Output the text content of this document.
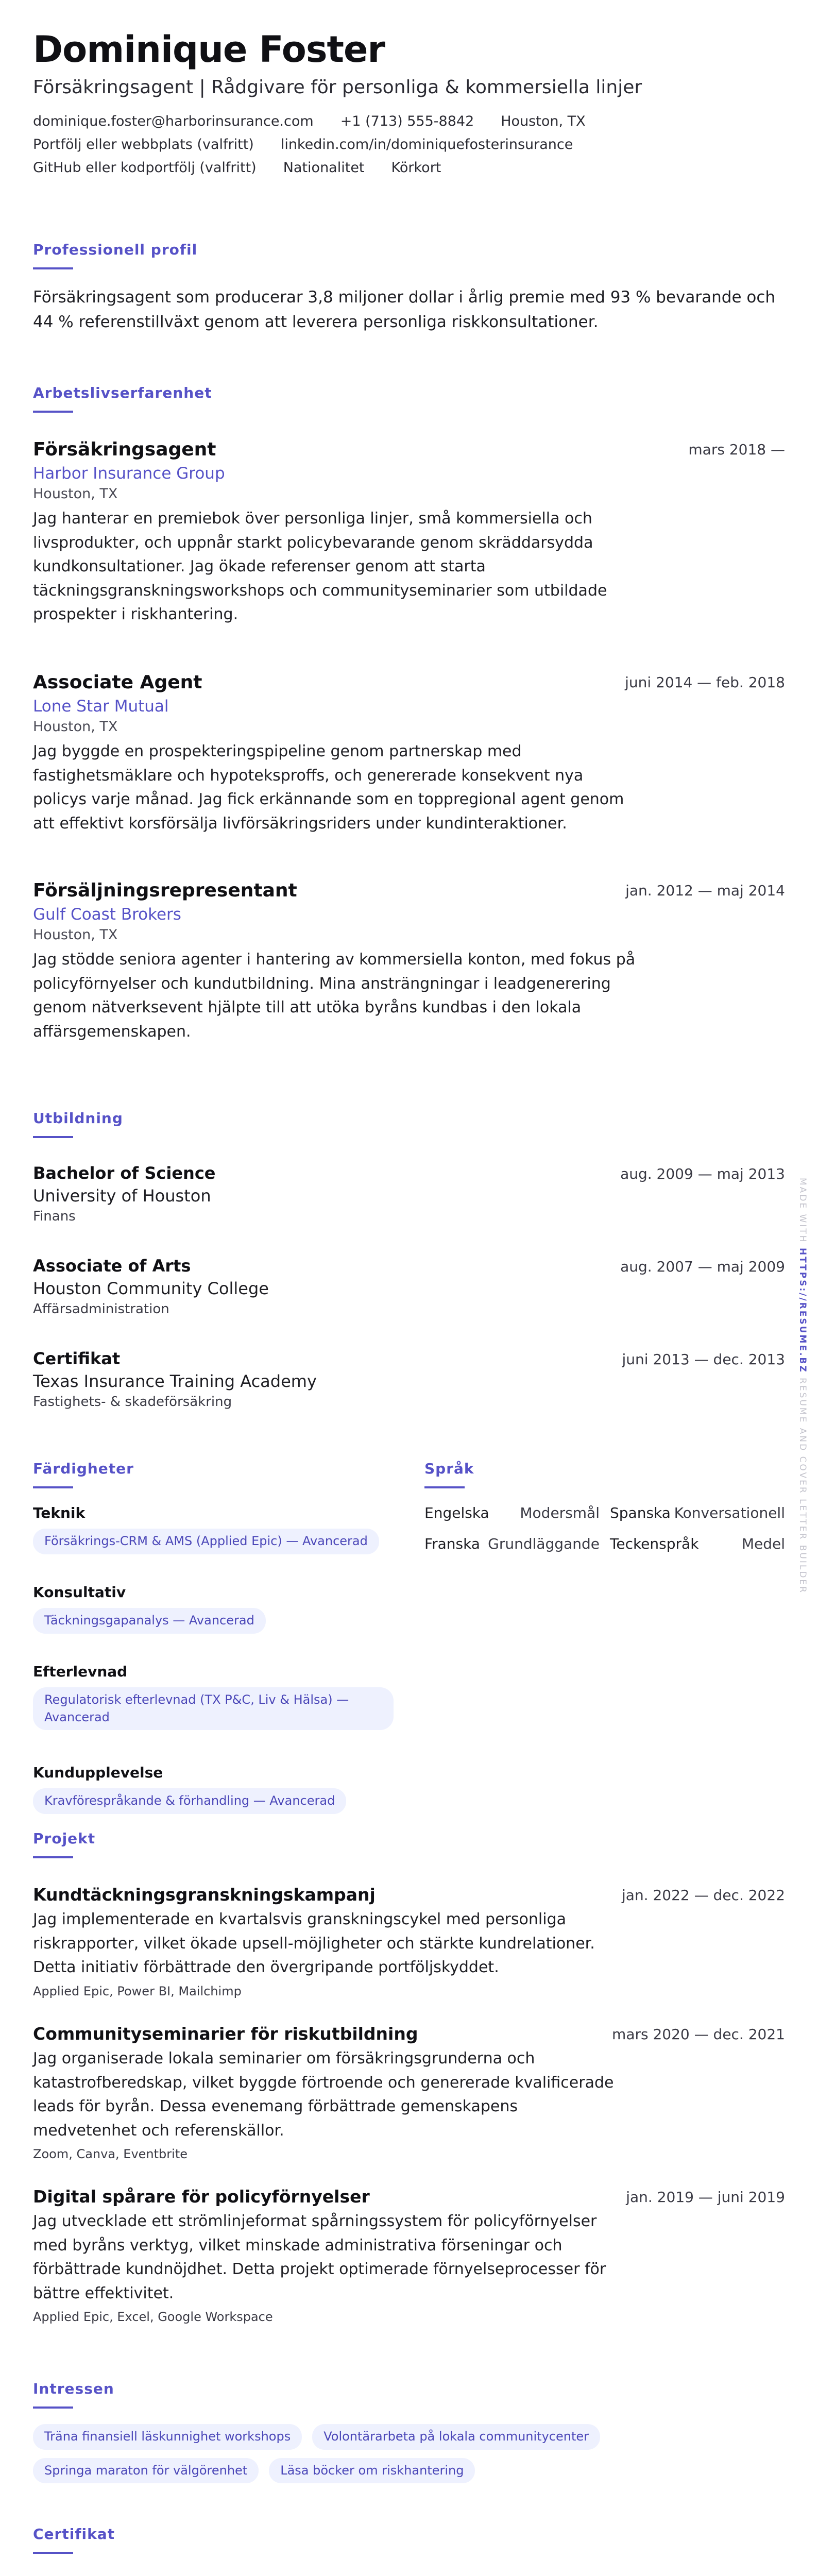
Dominique Foster
Försäkringsagent | Rådgivare för personliga & kommersiella linjer
dominique.foster@harborinsurance.com +1 (713) 555-8842 Houston, TX
Portfölj eller webbplats (valfritt) linkedin.com/in/dominiquefosterinsurance
GitHub eller kodportfölj (valfritt) Nationalitet Körkort
Professionell profil
Försäkringsagent som producerar 3,8 miljoner dollar i årlig premie med 93 % bevarande och 44 % referenstillväxt genom att leverera personliga riskkonsultationer.
Arbetslivserfarenhet
Försäkringsagent	mars 2018 —
Harbor Insurance Group
Houston, TX
Jag hanterar en premiebok över personliga linjer, små kommersiella och livsprodukter, och uppnår starkt policybevarande genom skräddarsydda kundkonsultationer. Jag ökade referenser genom att starta täckningsgranskningsworkshops och communityseminarier som utbildade prospekter i riskhantering.
Associate Agent	juni 2014 — feb. 2018
Lone Star Mutual
Houston, TX
Jag byggde en prospekteringspipeline genom partnerskap med fastighetsmäklare och hypoteksproffs, och genererade konsekvent nya policys varje månad. Jag fick erkännande som en toppregional agent genom att effektivt korsförsälja livförsäkringsriders under kundinteraktioner.
Försäljningsrepresentant	jan. 2012 — maj 2014
Gulf Coast Brokers
Houston, TX
Jag stödde seniora agenter i hantering av kommersiella konton, med fokus på policyförnyelser och kundutbildning. Mina ansträngningar i leadgenerering genom nätverksevent hjälpte till att utöka byråns kundbas i den lokala affärsgemenskapen.
Utbildning
Bachelor of Science	aug. 2009 — maj 2013
University of Houston
Finans
Associate of Arts	aug. 2007 — maj 2009
Houston Community College
Affärsadministration
Certifikat	juni 2013 — dec. 2013
Texas Insurance Training Academy
Fastighets- & skadeförsäkring
Färdigheter
Teknik
Försäkrings-CRM & AMS (Applied Epic) — Avancerad
Konsultativ
Täckningsgapanalys — Avancerad
Efterlevnad
Regulatorisk efterlevnad (TX P&C, Liv & Hälsa) — Avancerad
Kundupplevelse
Kravförespråkande & förhandling — Avancerad
Språk
Engelska Modersmål Spanska Konversationell
Franska Grundläggande Teckenspråk	Medel
Projekt
Kundtäckningsgranskningskampanj	jan. 2022 — dec. 2022
Jag implementerade en kvartalsvis granskningscykel med personliga riskrapporter, vilket ökade upsell-möjligheter och stärkte kundrelationer. Detta initiativ förbättrade den övergripande portföljskyddet.
Applied Epic, Power BI, Mailchimp
Communityseminarier för riskutbildning	mars 2020 — dec. 2021
Jag organiserade lokala seminarier om försäkringsgrunderna och katastrofberedskap, vilket byggde förtroende och genererade kvalificerade leads för byrån. Dessa evenemang förbättrade gemenskapens medvetenhet och referenskällor.
Zoom, Canva, Eventbrite
Digital spårare för policyförnyelser	jan. 2019 — juni 2019
Jag utvecklade ett strömlinjeformat spårningssystem för policyförnyelser med byråns verktyg, vilket minskade administrativa förseningar och förbättrade kundnöjdhet. Detta projekt optimerade förnyelseprocesser för bättre effektivitet.
Applied Epic, Excel, Google Workspace
Intressen
Träna finansiell läskunnighet workshops	Volontärarbeta på lokala communitycenter
Springa maraton för välgörenhet	Läsa böcker om riskhantering
Certifikat
MADE WITH HTTPS://RESUME.BZ RESUME AND COVER LETTER BUILDER
